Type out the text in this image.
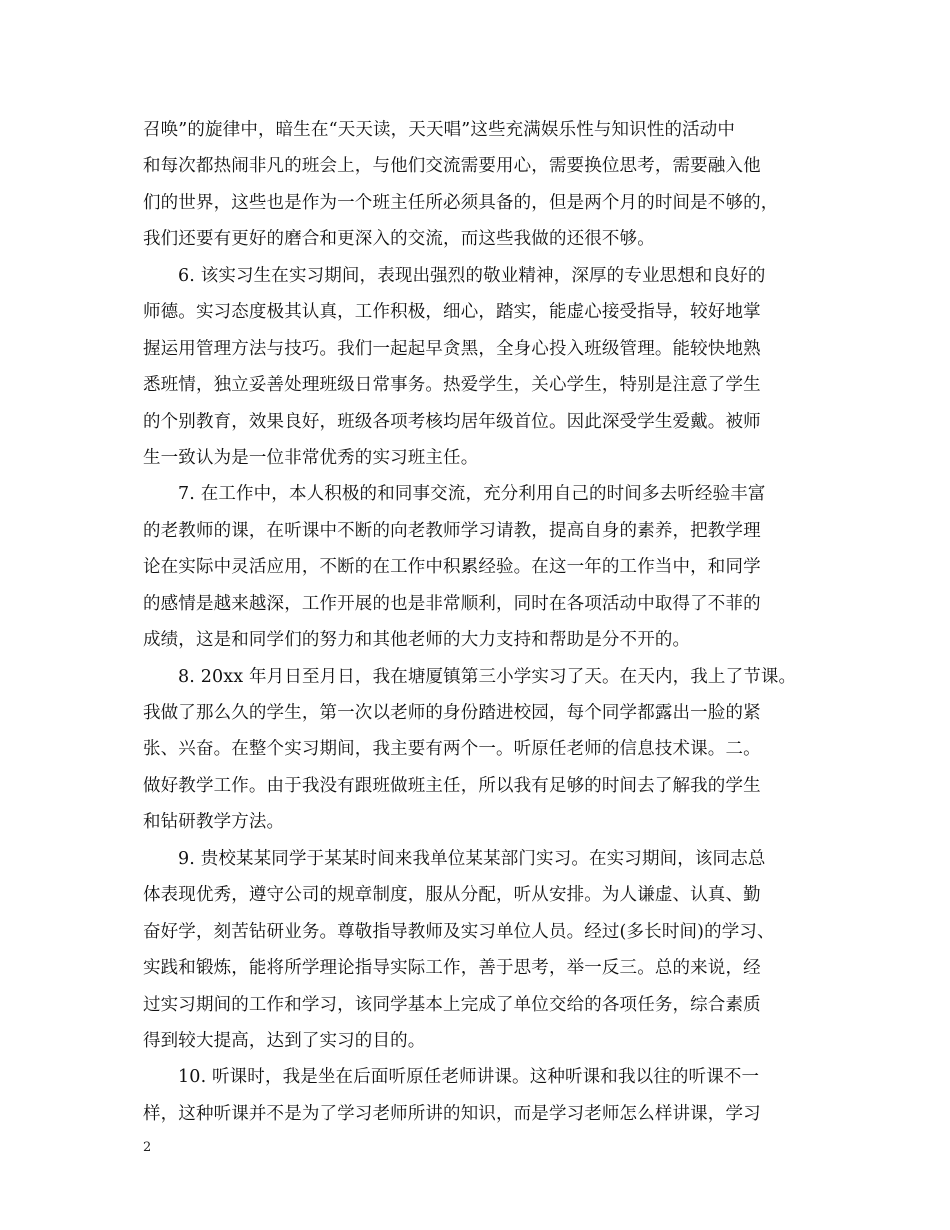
召唤”的旋律中，暗生在“天天读，天天唱”这些充满娱乐性与知识性的活动中
和每次都热闹非凡的班会上，与他们交流需要用心，需要换位思考，需要融入他
们的世界，这些也是作为一个班主任所必须具备的，但是两个月的时间是不够的，
我们还要有更好的磨合和更深入的交流，而这些我做的还很不够。
6. 该实习生在实习期间，表现出强烈的敬业精神，深厚的专业思想和良好的
师德。实习态度极其认真，工作积极，细心，踏实，能虚心接受指导，较好地掌
握运用管理方法与技巧。我们一起起早贪黑，全身心投入班级管理。能较快地熟
悉班情，独立妥善处理班级日常事务。热爱学生，关心学生，特别是注意了学生
的个别教育，效果良好，班级各项考核均居年级首位。因此深受学生爱戴。被师
生一致认为是一位非常优秀的实习班主任。
7. 在工作中，本人积极的和同事交流，充分利用自己的时间多去听经验丰富
的老教师的课，在听课中不断的向老教师学习请教，提高自身的素养，把教学理
论在实际中灵活应用，不断的在工作中积累经验。在这一年的工作当中，和同学
的感情是越来越深，工作开展的也是非常顺利，同时在各项活动中取得了不菲的
成绩，这是和同学们的努力和其他老师的大力支持和帮助是分不开的。
8. 20xx 年月日至月日，我在塘厦镇第三小学实习了天。在天内，我上了节课。
我做了那么久的学生，第一次以老师的身份踏进校园，每个同学都露出一脸的紧
张、兴奋。在整个实习期间，我主要有两个一。听原任老师的信息技术课。二。
做好教学工作。由于我没有跟班做班主任，所以我有足够的时间去了解我的学生
和钻研教学方法。
9. 贵校某某同学于某某时间来我单位某某部门实习。在实习期间，该同志总
体表现优秀，遵守公司的规章制度，服从分配，听从安排。为人谦虚、认真、勤
奋好学，刻苦钻研业务。尊敬指导教师及实习单位人员。经过(多长时间)的学习、
实践和锻炼，能将所学理论指导实际工作，善于思考，举一反三。总的来说，经
过实习期间的工作和学习，该同学基本上完成了单位交给的各项任务，综合素质
得到较大提高，达到了实习的目的。
10. 听课时，我是坐在后面听原任老师讲课。这种听课和我以往的听课不一
样，这种听课并不是为了学习老师所讲的知识，而是学习老师怎么样讲课，学习
2
